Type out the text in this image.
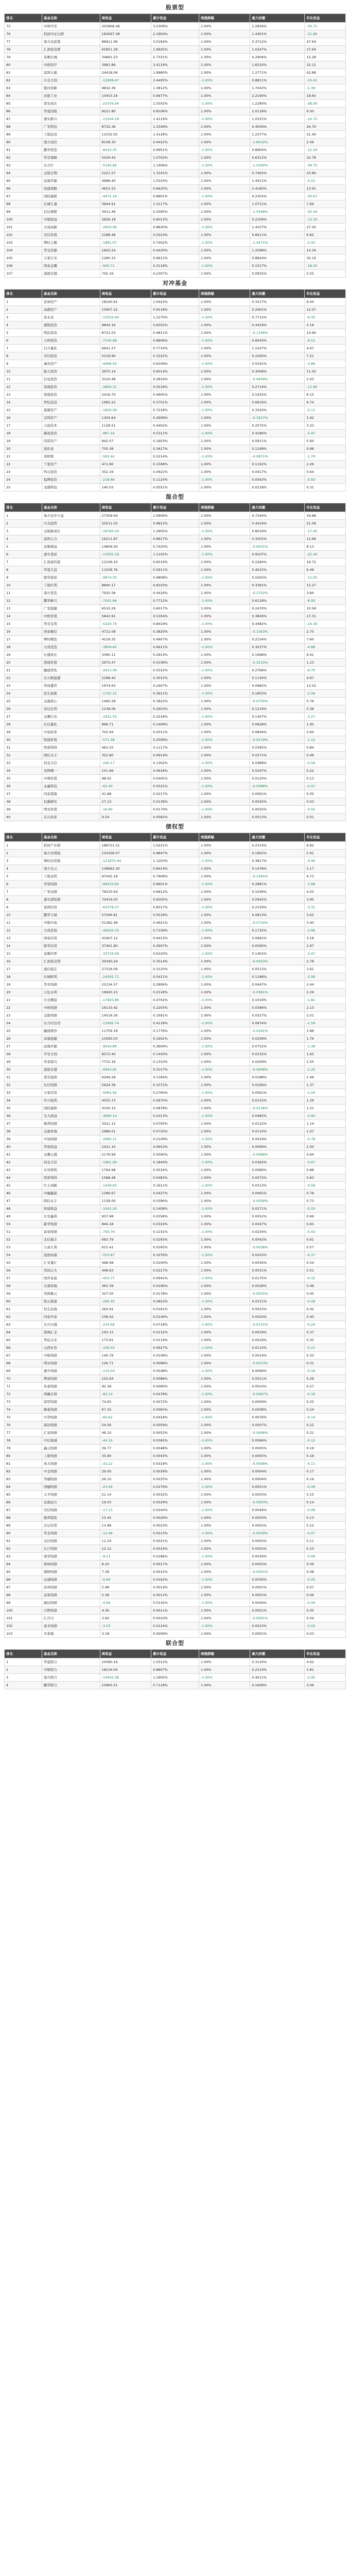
股票型
排名	基金名称	周收益	累计收益	周涨跌幅	最大回撤	年化收益
75	中国平安	203906.46	3.2309%	1.00%	1.2839%	-30.71
76	招商中证白酒	182697.38	2.1904%	1.00%	1.4401%	-21.86
77	易方达蓝筹	89911.06	3.0184%	1.00%	0.3712%	47.64
78	汇添富消费	65851.39	1.9925%	1.00%	1.0247%	27.64
79	景顺长城	34891.53	2.7331%	1.00%	0.2904%	15.28
80	中欧医疗	3981.86	3.4119%	1.00%	1.6520%	32.12
81	富国天惠	24418.06	1.9980%	1.00%	1.2771%	42.88
82	兴全合润	-12908.47	2.4405%	-1.00%	0.8811%	-10.41
83	银河创新	9832.36	1.3812%	1.00%	1.7043%	-5.39
84	农银工业	10453.16	0.9977%	1.00%	2.2190%	18.65
85	诺安成长	-21076.04	1.5502%	-1.00%	1.2280%	-38.00
86	华夏回报	9221.80	0.8106%	1.00%	2.0118%	9.30
87	嘉实新兴	-13244.18	1.4119%	-1.00%	1.0331%	-14.72
88	广发科技	8732.36	1.3349%	1.00%	0.4506%	26.70
89	工银前沿	11032.05	1.4128%	1.00%	1.2377%	31.40
90	南方成份	8108.30	0.4422%	1.00%	-1.8032%	2.06
91	鹏华优选	-6410.35	0.9951%	-1.00%	0.8904%	-12.54
92	华安策略	5029.45	1.0702%	1.00%	0.6312%	32.78
93	东方红	-5140.86	1.1406%	-1.00%	-1.0190%	-28.75
94	交银定期	5221.57	1.3341%	1.00%	0.7402%	33.80
95	前海开源	4988.40	1.0103%	1.00%	1.4411%	-4.01
96	泓德战略	4652.55	0.6620%	1.00%	2.4180%	13.91
97	国投瑞银	-4471.18	0.8901%	-1.00%	0.2202%	-30.67
98	长城久嘉	3944.91	1.3117%	1.00%	1.0711%	7.69
99	信达澳银	3411.46	0.3395%	1.00%	-1.5548%	-25.44
100	中银收益	2839.18	0.6013%	1.00%	0.2109%	-13.16
101	大成高新	-2650.09	0.8830%	-1.00%	1.4107%	27.50
102	安信价值	2188.48	0.5523%	1.00%	0.6611%	6.82
103	博时主题	-1881.07	0.7402%	-1.00%	-1.4471%	-2.43
104	华宝资源	1602.54	0.4430%	1.00%	1.2098%	14.34
105	万家行业	1280.33	0.9612%	1.00%	0.8824%	30.19
106	国泰金鹰	-945.71	0.3118%	-1.00%	0.1517%	-18.25
107	浦银安盛	702.16	0.2307%	1.00%	0.0932%	2.55
对冲基金
排名	基金名称	周收益	累计收益	周涨跌幅	最大回撤	年化收益
1	景林资产	18240.91	1.0423%	1.00%	0.3317%	8.44
2	高毅资产	15907.22	0.9118%	1.00%	0.2901%	12.07
3	淡水泉	-12533.40	1.2270%	-1.00%	0.7712%	-6.35
4	重阳投资	9844.16	0.6502%	1.00%	0.4419%	3.18
5	明汯投资	8721.03	0.4811%	1.00%	-0.1106%	14.90
6	九坤投资	-7530.68	0.8806%	-1.00%	0.6043%	-9.52
7	幻方量化	6641.27	0.7710%	1.00%	1.1027%	4.67
8	灵均投资	5218.90	0.3322%	1.00%	0.2260%	7.21
9	诚奇资产	-4406.55	0.9109%	-1.00%	0.5541%	-3.86
10	锐天投资	3975.14	0.6014%	1.00%	0.3008%	11.42
11	衍复投资	3120.48	0.2816%	1.00%	-0.4409%	2.03
12	星阔投资	-2804.31	0.5518%	-1.00%	0.2714%	-12.80
13	宽德投资	2416.70	0.4905%	1.00%	0.1932%	6.15
14	世纪前沿	1983.22	0.3701%	1.00%	0.6616%	9.74
15	黑翼资产	-1650.09	0.7218%	-1.00%	0.3320%	-5.11
16	金锝资产	1304.64	0.2609%	1.00%	-0.1817%	1.92
17	天演资本	1128.51	0.4402%	1.00%	0.2075%	3.33
18	赫富投资	-987.16	0.5311%	-1.00%	0.4186%	-2.47
19	因诺资产	842.07	0.1903%	1.00%	0.0911%	5.60
20	进化论	705.38	0.3617%	1.00%	0.1248%	0.88
21	希格斯	-593.42	0.2214%	-1.00%	-0.0871%	-1.70
22	千象资产	471.80	0.1508%	1.00%	0.1102%	2.29
23	鸣石投资	352.19	0.0922%	1.00%	0.0417%	0.64
24	稳博投资	-218.66	0.1120%	-1.00%	0.0563%	-0.93
25	龙旗科技	140.03	0.0551%	1.00%	0.0218%	0.31
混合型
排名	基金名称	周收益	累计收益	周涨跌幅	最大回撤	年化收益
1	易方达中小盘	27309.64	1.0906%	1.00%	0.7240%	34.88
2	兴全趋势	20511.03	0.9812%	1.00%	0.4416%	21.09
3	交银新成长	-18760.24	1.2905%	-1.00%	0.8019%	-17.42
4	富国天合	16211.87	0.8817%	1.00%	0.3502%	12.66
5	景顺鼎益	14809.50	0.7420%	1.00%	-0.6031%	8.13
6	嘉实优质	-13355.18	1.1102%	-1.00%	0.9107%	-25.40
7	汇添富价值	12106.43	0.6519%	1.00%	0.2284%	19.72
8	华夏大盘	11028.76	0.5911%	1.00%	0.4015%	6.49
9	银华富裕	-9874.30	0.9808%	-1.00%	0.5563%	-11.05
10	工银红利	8840.17	0.8103%	1.00%	0.3391%	15.27
11	南方优选	7932.58	0.4416%	1.00%	-0.2702%	3.84
12	鹏华新兴	-7201.66	0.7712%	-1.00%	0.6128%	-8.93
13	广发稳健	6510.29	0.6017%	1.00%	0.2470%	10.58
14	中欧价值	5843.91	0.5304%	1.00%	0.3806%	27.31
15	华安宝利	-5320.74	0.8419%	-1.00%	0.4482%	-14.16
16	国泰聚信	4712.08	0.3820%	1.00%	-0.1563%	2.75
17	博时精选	4218.35	0.4907%	1.00%	0.2154%	7.60
18	大成优选	-3804.62	0.6611%	-1.00%	0.3037%	-4.88
19	长盛成长	3390.11	0.2914%	1.00%	0.1698%	9.41
20	诺德价值	2975.47	0.4108%	1.00%	-0.3210%	1.23
21	融通领先	-2613.09	0.5522%	-1.00%	0.2766%	-6.70
22	东方新能源	2288.40	0.3015%	1.00%	0.1140%	4.97
23	华商盛世	1974.63	0.2407%	1.00%	0.0982%	13.52
24	民生加银	-1702.15	0.3911%	-1.00%	0.1855%	-2.09
25	宝盈核心	1460.28	0.1822%	1.00%	-0.0730%	0.76
26	泰达宏利	1238.06	0.2603%	1.00%	0.1219%	5.38
27	金鹰行业	-1021.53	0.3218%	-1.00%	0.1407%	-3.27
28	长信量化	866.71	0.1409%	1.00%	0.0628%	1.95
29	中加改革	702.94	0.2011%	1.00%	0.0844%	2.60
30	财通价值	-571.38	0.2506%	-1.00%	-0.0519%	-1.12
31	西部利得	463.25	0.1117%	1.00%	0.0395%	0.84
32	圆信永丰	352.80	0.0914%	1.00%	0.0271%	0.49
33	创金合信	-240.17	0.1302%	-1.00%	0.0488%	-0.58
34	先锋精一	151.66	0.0618%	1.00%	0.0197%	0.22
35	中庚价值	98.02	0.0405%	1.00%	0.0120%	0.13
36	永赢科技	-62.40	0.0521%	-1.00%	-0.0098%	-0.07
37	同泰慧盈	41.88	0.0217%	1.00%	0.0061%	0.05
38	恒越研究	27.13	0.0139%	1.00%	0.0042%	0.03
39	明亚价值	-16.90	0.0170%	-1.00%	0.0025%	-0.02
40	东兴改革	9.54	0.0082%	1.00%	0.0013%	0.01
债权型
排名	基金名称	周收益	累计收益	周涨跌幅	最大回撤	年化收益
1	招商产业债	188721.51	1.0221%	1.00%	0.2314%	6.82
2	易方达增强	154309.07	0.9847%	1.00%	0.1902%	5.91
3	博时信用债	-121870.44	1.1203%	-1.00%	0.3817%	-4.46
4	南方宝元	108662.30	0.8414%	1.00%	0.1478%	5.17
5	工银双利	97045.18	0.7909%	1.00%	-0.1265%	4.73
6	华夏纯债	-86510.92	0.9601%	-1.00%	0.2881%	-3.88
7	广发双债	78233.64	0.6812%	1.00%	0.1036%	4.20
8	嘉实超短债	70419.05	0.6005%	1.00%	0.0942%	3.95
9	富国信用	-63378.27	0.8317%	-1.00%	0.2159%	-3.31
10	鹏华丰禄	57046.81	0.5518%	1.00%	0.0813%	3.62
11	中银中高	51382.49	0.4921%	1.00%	-0.0724%	3.40
12	大成景旭	-46250.33	0.7106%	-1.00%	0.1735%	-2.86
13	国泰信用	41607.12	0.4413%	1.00%	0.0681%	3.18
14	银华信用	37461.80	0.3907%	1.00%	0.0590%	2.97
15	景顺四季	-33719.56	0.6220%	-1.00%	0.1402%	-2.47
16	汇添富双利	30340.24	0.3514%	1.00%	-0.0433%	2.78
17	建信稳定	27318.09	0.3120%	1.00%	0.0512%	2.61
18	长城积利	-24592.71	0.5411%	-1.00%	0.1188%	-2.09
19	华安纯债	22134.57	0.2806%	1.00%	0.0447%	2.44
20	天弘永利	19920.15	0.2518%	1.00%	-0.0381%	2.29
21	兴全磐稳	-17925.86	0.4702%	-1.00%	0.1016%	-1.82
22	中欧纯债	16133.42	0.2203%	1.00%	0.0366%	2.13
23	交银纯债	14518.30	0.1991%	1.00%	0.0327%	2.01
24	东方红信用	-13065.74	0.4118%	-1.00%	0.0874%	-1.59
25	融通债券	11759.18	0.1776%	1.00%	-0.0291%	1.88
26	泰康稳健	10583.03	0.1602%	1.00%	0.0258%	1.76
27	前海开源	-9524.89	0.3609%	-1.00%	0.0752%	-1.38
28	平安合润	8572.40	0.1443%	1.00%	0.0232%	1.65
29	华泰保兴	7715.16	0.1310%	1.00%	0.0209%	1.55
30	浦银安盛	-6943.65	0.3157%	-1.00%	-0.0648%	-1.20
31	诺安稳固	6249.28	0.1184%	1.00%	0.0188%	1.46
32	长信纯债	5624.36	0.1072%	1.00%	0.0169%	1.37
33	万家信用	-5061.92	0.2760%	-1.00%	0.0561%	-1.04
34	申万稳利	4555.73	0.0970%	1.00%	0.0152%	1.29
35	国投瑞和	4100.15	0.0878%	1.00%	-0.0136%	1.21
36	光大添益	-3690.14	0.2413%	-1.00%	0.0485%	-0.90
37	德邦纯债	3321.12	0.0795%	1.00%	0.0122%	1.14
38	宝盈祥瑞	2989.01	0.0720%	1.00%	0.0110%	1.07
39	中加纯债	-2690.11	0.2109%	-1.00%	0.0419%	-0.78
40	华富收益	2421.10	0.0652%	1.00%	0.0099%	1.00
41	金鹰元盛	2178.99	0.0590%	1.00%	-0.0089%	0.94
42	创金合信	-1961.09	0.1843%	-1.00%	0.0362%	-0.67
43	东吴增利	1764.98	0.0534%	1.00%	0.0080%	0.88
44	西部利得	1588.48	0.0483%	1.00%	0.0072%	0.83
45	红土创新	-1429.63	0.1611%	-1.00%	0.0313%	-0.58
46	中融鑫起	1286.67	0.0437%	1.00%	0.0065%	0.78
47	圆信永丰	1158.00	0.0396%	1.00%	-0.0058%	0.73
48	财通收益	-1042.20	0.1408%	-1.00%	0.0271%	-0.50
49	长安鑫利	937.98	0.0358%	1.00%	0.0052%	0.69
50	新华纯债	844.18	0.0324%	1.00%	0.0047%	0.65
51	富荣纯债	-759.76	0.1231%	-1.00%	0.0234%	-0.43
52	北信瑞丰	683.79	0.0293%	1.00%	0.0042%	0.61
53	九泰久利	615.41	0.0265%	1.00%	-0.0038%	0.57
54	泓德裕康	-553.87	0.1076%	-1.00%	0.0202%	-0.37
55	汇安嘉汇	498.48	0.0240%	1.00%	0.0034%	0.54
56	华润元大	448.63	0.0217%	1.00%	0.0031%	0.51
57	国开泰富	-403.77	0.0941%	-1.00%	0.0175%	-0.32
58	东海祥瑞	363.39	0.0196%	1.00%	0.0028%	0.48
59	先锋聚元	327.05	0.0178%	1.00%	-0.0025%	0.45
60	凯石湛混	-294.35	0.0822%	-1.00%	0.0151%	-0.28
61	恒生前海	264.91	0.0161%	1.00%	0.0022%	0.42
62	同泰开泰	238.42	0.0146%	1.00%	0.0020%	0.40
63	东兴兴晟	-214.58	0.0718%	-1.00%	-0.0131%	-0.24
64	渤海汇金	193.12	0.0132%	1.00%	0.0018%	0.37
65	华宸未来	173.81	0.0119%	1.00%	0.0016%	0.35
66	山西证券	-156.43	0.0627%	-1.00%	0.0114%	-0.21
67	中航纯债	140.79	0.0108%	1.00%	0.0014%	0.33
68	明亚纯债	126.71	0.0098%	1.00%	-0.0013%	0.31
69	惠升纯债	-114.04	0.0548%	-1.00%	0.0099%	-0.18
70	博道纯债	102.64	0.0088%	1.00%	0.0011%	0.29
71	朱雀纯债	92.38	0.0080%	1.00%	0.0010%	0.27
72	西藏东财	-83.14	0.0478%	-1.00%	-0.0087%	-0.16
73	淳厚纯债	74.83	0.0072%	1.00%	0.0009%	0.25
74	蜂巢纯债	67.35	0.0065%	1.00%	0.0008%	0.24
75	兴华纯债	-60.62	0.0418%	-1.00%	0.0076%	-0.14
76	睿远纯债	54.56	0.0059%	1.00%	0.0007%	0.22
77	汇泉纯债	49.10	0.0053%	1.00%	-0.0006%	0.21
78	中信保诚	-44.19	0.0365%	-1.00%	0.0066%	-0.12
79	鑫元纯债	39.77	0.0048%	1.00%	0.0005%	0.19
80	上银纯债	35.80	0.0043%	1.00%	0.0005%	0.18
81	英大纯债	-32.22	0.0319%	-1.00%	-0.0058%	-0.11
82	中金纯债	29.00	0.0039%	1.00%	0.0004%	0.17
83	华融纯债	26.10	0.0035%	1.00%	0.0004%	0.16
84	国融纯债	-23.49	0.0279%	-1.00%	0.0051%	-0.09
85	太平纯债	21.14	0.0032%	1.00%	0.0003%	0.15
86	弘毅远方	19.03	0.0029%	1.00%	-0.0003%	0.14
87	安信纯债	-17.13	0.0244%	-1.00%	0.0044%	-0.08
88	德邦锐乾	15.42	0.0026%	1.00%	0.0003%	0.13
89	东证资管	13.88	0.0023%	1.00%	0.0002%	0.12
90	华金纯债	-12.49	0.0213%	-1.00%	-0.0039%	-0.07
91	金信纯债	11.24	0.0021%	1.00%	0.0002%	0.11
92	长江纯债	10.12	0.0019%	1.00%	0.0002%	0.10
93	南华纯债	-9.11	0.0186%	-1.00%	0.0034%	-0.06
94	格林纯债	8.20	0.0017%	1.00%	0.0002%	0.09
95	湘财纯债	7.38	0.0015%	1.00%	-0.0001%	0.08
96	达诚纯债	-6.64	0.0162%	-1.00%	0.0030%	-0.05
97	苏州纯债	5.98	0.0014%	1.00%	0.0001%	0.07
98	泉果纯债	5.38	0.0012%	1.00%	0.0001%	0.06
99	瑞达纯债	-4.84	0.0142%	-1.00%	0.0026%	-0.04
100	合煦纯债	4.36	0.0011%	1.00%	0.0001%	0.05
101	汇百川	3.92	0.0010%	1.00%	-0.0001%	0.04
102	易米纯债	-3.53	0.0124%	-1.00%	0.0023%	-0.03
103	贝莱德	3.18	0.0009%	1.00%	0.0001%	0.03
联合型
排名	基金名称	周收益	累计收益	周涨跌幅	最大回撤	年化收益
1	华夏联合	24580.16	1.0312%	1.00%	0.3120%	4.62
2	中银联合	18216.04	0.8807%	1.00%	0.2214%	3.81
3	南方联合	-14402.38	1.1905%	-1.00%	0.4011%	-2.95
4	鹏华联合	10963.51	0.7118%	1.00%	0.1608%	3.06
